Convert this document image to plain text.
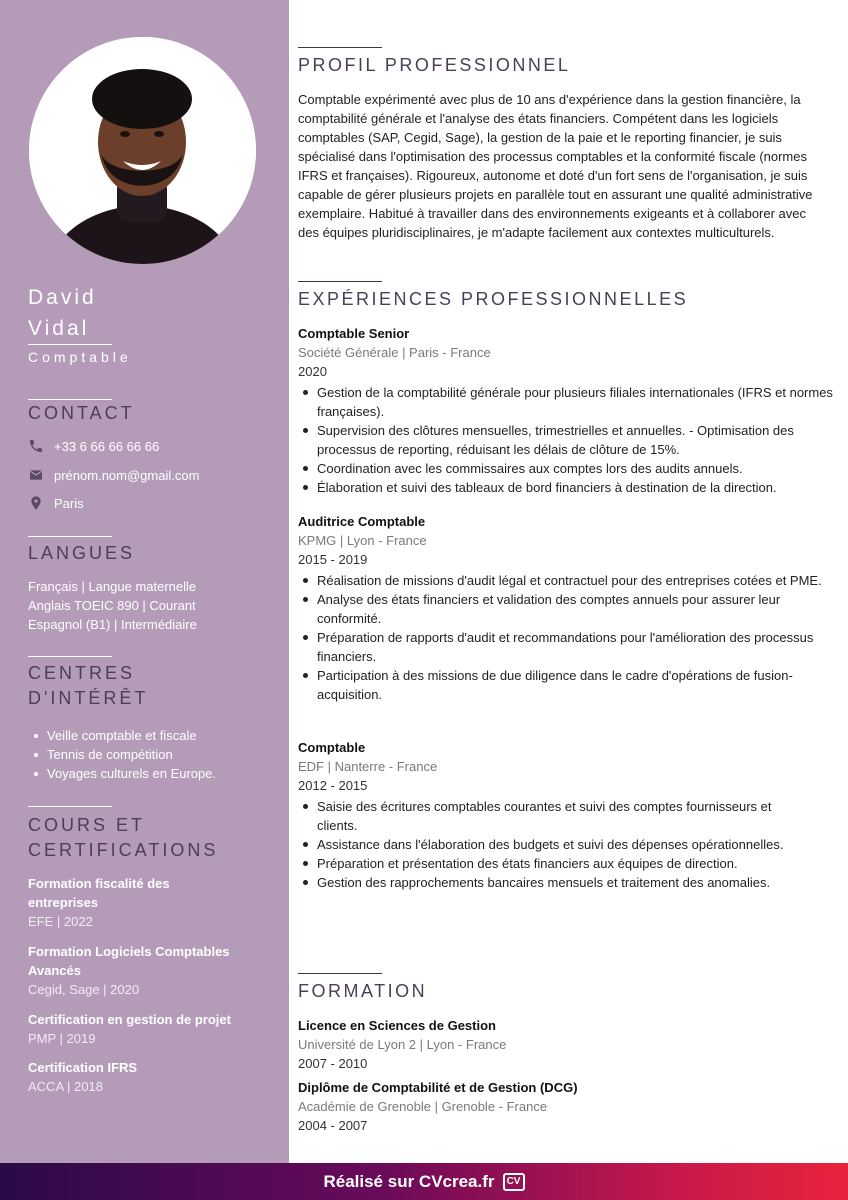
David
Vidal
Comptable
CONTACT
+33 6 66 66 66 66
prénom.nom@gmail.com
Paris
LANGUES
Français | Langue maternelle
Anglais TOEIC 890 | Courant
Espagnol (B1) | Intermédiaire
CENTRES
D'INTÉRÊT
Veille comptable et fiscale
Tennis de compétition
Voyages culturels en Europe.
COURS ET
CERTIFICATIONS
Formation fiscalité des entreprises
EFE | 2022
Formation Logiciels Comptables Avancés
Cegid, Sage | 2020
Certification en gestion de projet
PMP | 2019
Certification IFRS
ACCA | 2018
PROFIL PROFESSIONNEL
Comptable expérimenté avec plus de 10 ans d'expérience dans la gestion financière, la comptabilité générale et l'analyse des états financiers. Compétent dans les logiciels comptables (SAP, Cegid, Sage), la gestion de la paie et le reporting financier, je suis spécialisé dans l'optimisation des processus comptables et la conformité fiscale (normes IFRS et françaises). Rigoureux, autonome et doté d'un fort sens de l'organisation, je suis capable de gérer plusieurs projets en parallèle tout en assurant une qualité administrative exemplaire. Habitué à travailler dans des environnements exigeants et à collaborer avec des équipes pluridisciplinaires, je m'adapte facilement aux contextes multiculturels.
EXPÉRIENCES PROFESSIONNELLES
Comptable Senior
Société Générale | Paris - France
2020
Gestion de la comptabilité générale pour plusieurs filiales internationales (IFRS et normes françaises).
Supervision des clôtures mensuelles, trimestrielles et annuelles. - Optimisation des processus de reporting, réduisant les délais de clôture de 15%.
Coordination avec les commissaires aux comptes lors des audits annuels.
Élaboration et suivi des tableaux de bord financiers à destination de la direction.
Auditrice Comptable
KPMG | Lyon - France
2015 - 2019
Réalisation de missions d'audit légal et contractuel pour des entreprises cotées et PME.
Analyse des états financiers et validation des comptes annuels pour assurer leur conformité.
Préparation de rapports d'audit et recommandations pour l'amélioration des processus financiers.
Participation à des missions de due diligence dans le cadre d'opérations de fusion-acquisition.
Comptable
EDF | Nanterre - France
2012 - 2015
Saisie des écritures comptables courantes et suivi des comptes fournisseurs et clients.
Assistance dans l'élaboration des budgets et suivi des dépenses opérationnelles.
Préparation et présentation des états financiers aux équipes de direction.
Gestion des rapprochements bancaires mensuels et traitement des anomalies.
FORMATION
Licence en Sciences de Gestion
Université de Lyon 2 | Lyon - France
2007 - 2010
Diplôme de Comptabilité et de Gestion (DCG)
Académie de Grenoble | Grenoble - France
2004 - 2007
Réalisé sur CVcrea.fr	CV
